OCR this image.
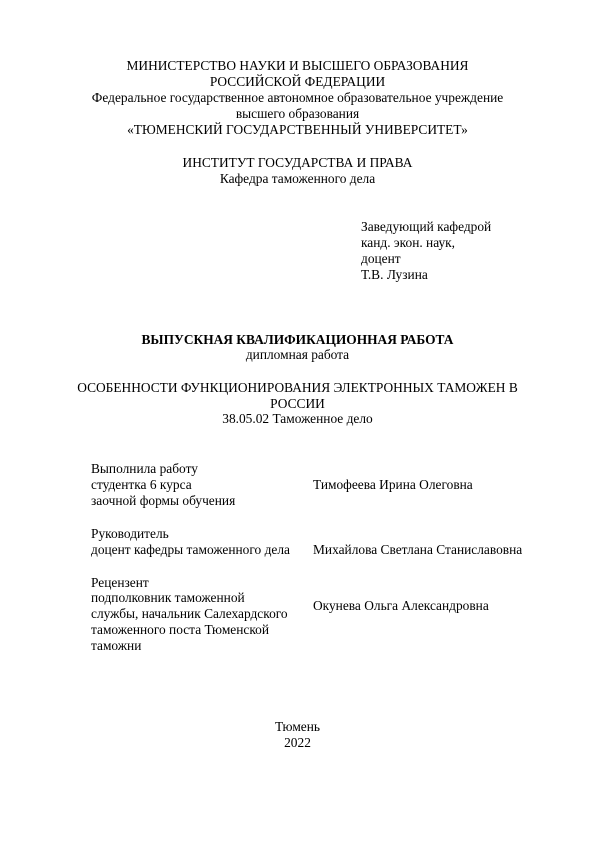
МИНИСТЕРСТВО НАУКИ И ВЫСШЕГО ОБРАЗОВАНИЯ
РОССИЙСКОЙ ФЕДЕРАЦИИ
Федеральное государственное автономное образовательное учреждение
высшего образования
«ТЮМЕНСКИЙ ГОСУДАРСТВЕННЫЙ УНИВЕРСИТЕТ»
ИНСТИТУТ ГОСУДАРСТВА И ПРАВА
Кафедра таможенного дела
Заведующий кафедрой
канд. экон. наук,
доцент
Т.В. Лузина
ВЫПУСКНАЯ КВАЛИФИКАЦИОННАЯ РАБОТА
дипломная работа
ОСОБЕННОСТИ ФУНКЦИОНИРОВАНИЯ ЭЛЕКТРОННЫХ ТАМОЖЕН В
РОССИИ
38.05.02 Таможенное дело
Выполнила работу
студентка 6 курса
заочной формы обучения
Тимофеева Ирина Олеговна
Руководитель
доцент кафедры таможенного дела Михайлова Светлана Станиславовна
Рецензент
подполковник таможенной
службы, начальник Салехардского
таможенного поста Тюменской
таможни
Окунева Ольга Александровна
Тюмень
2022
